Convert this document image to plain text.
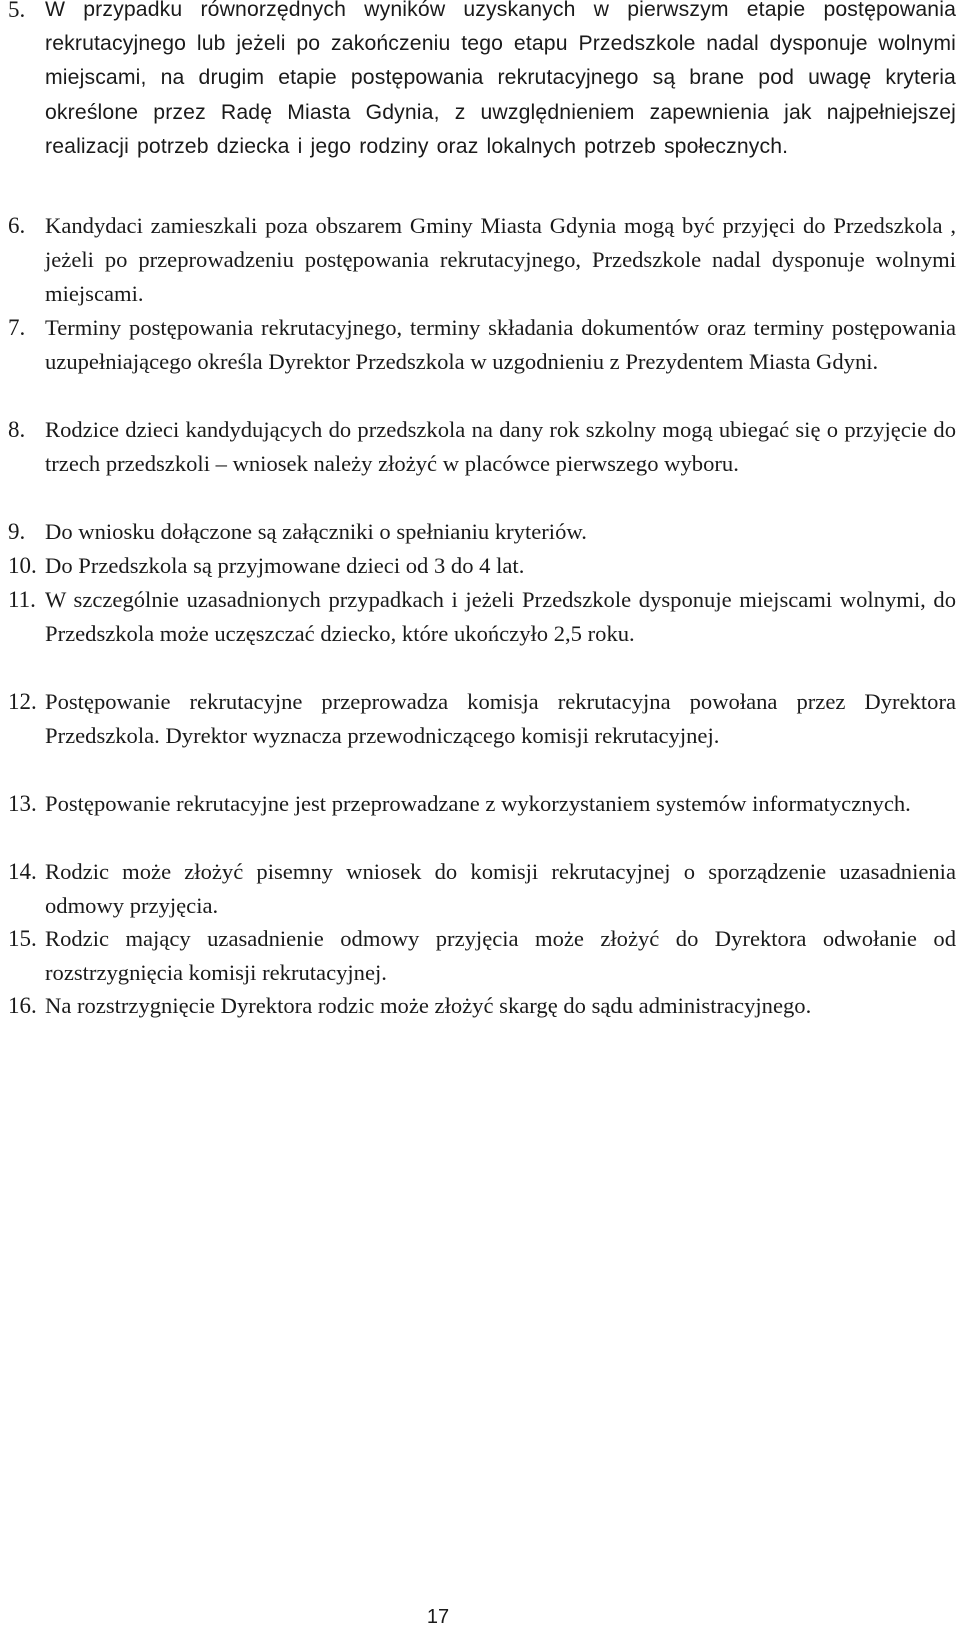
5. W przypadku równorzędnych wyników uzyskanych w pierwszym etapie postępowania rekrutacyjnego lub jeżeli po zakończeniu tego etapu Przedszkole nadal dysponuje wolnymi miejscami, na drugim etapie postępowania rekrutacyjnego są brane pod uwagę kryteria określone przez Radę Miasta Gdynia, z uwzględnieniem zapewnienia jak najpełniejszej realizacji potrzeb dziecka i jego rodziny oraz lokalnych potrzeb społecznych.
6. Kandydaci zamieszkali poza obszarem Gminy Miasta Gdynia mogą być przyjęci do Przedszkola , jeżeli po przeprowadzeniu postępowania rekrutacyjnego, Przedszkole nadal dysponuje wolnymi miejscami.
7. Terminy postępowania rekrutacyjnego, terminy składania dokumentów oraz terminy postępowania uzupełniającego określa Dyrektor Przedszkola w uzgodnieniu z Prezydentem Miasta Gdyni.
8. Rodzice dzieci kandydujących do przedszkola na dany rok szkolny mogą ubiegać się o przyjęcie do trzech przedszkoli – wniosek należy złożyć w placówce pierwszego wyboru.
9. Do wniosku dołączone są załączniki o spełnianiu kryteriów.
10. Do Przedszkola są przyjmowane dzieci od 3 do 4 lat.
11. W szczególnie uzasadnionych przypadkach i jeżeli Przedszkole dysponuje miejscami wolnymi, do Przedszkola może uczęszczać dziecko, które ukończyło 2,5 roku.
12. Postępowanie rekrutacyjne przeprowadza komisja rekrutacyjna powołana przez Dyrektora Przedszkola. Dyrektor wyznacza przewodniczącego komisji rekrutacyjnej.
13. Postępowanie rekrutacyjne jest przeprowadzane z wykorzystaniem systemów informatycznych.
14. Rodzic może złożyć pisemny wniosek do komisji rekrutacyjnej o sporządzenie uzasadnienia odmowy przyjęcia.
15. Rodzic mający uzasadnienie odmowy przyjęcia może złożyć do Dyrektora odwołanie od rozstrzygnięcia komisji rekrutacyjnej.
16. Na rozstrzygnięcie Dyrektora rodzic może złożyć skargę do sądu administracyjnego.
17
